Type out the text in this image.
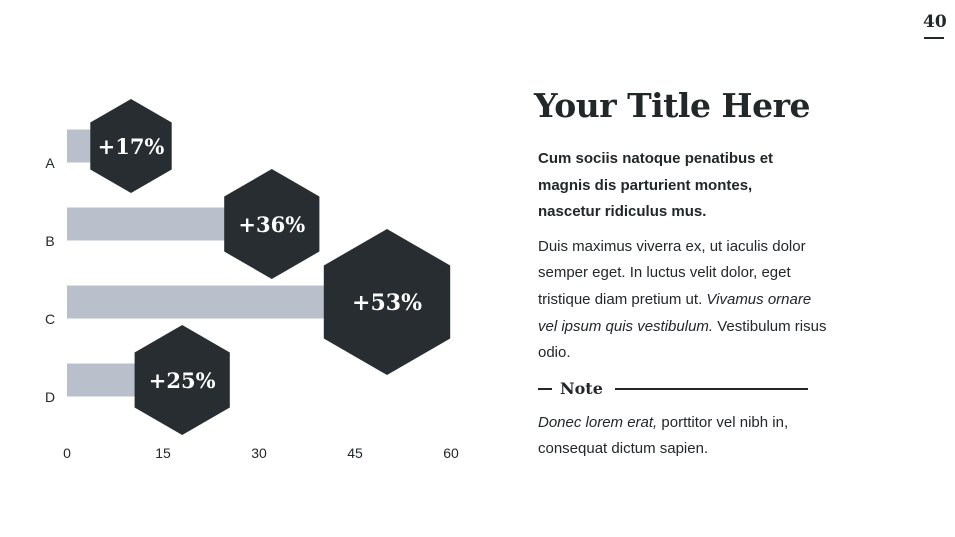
40
A
+17%
B
+36%
C
+53%
D
+25%
0	15	30	45	60
Your Title Here

Cum sociis natoque penatibus et magnis dis parturient montes, nascetur ridiculus mus.

Duis maximus viverra ex, ut iaculis dolor semper eget. In luctus velit dolor, eget tristique diam pretium ut. Vivamus ornare vel ipsum quis vestibulum. Vestibulum risus odio.

Note

Donec lorem erat, porttitor vel nibh in, consequat dictum sapien.
